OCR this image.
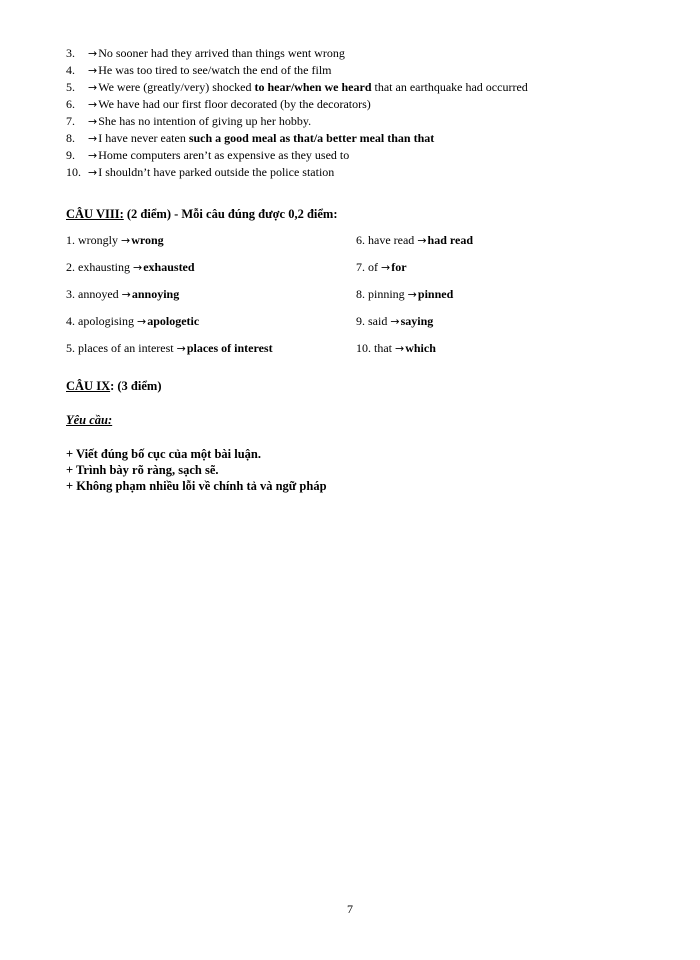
3.	→No sooner had they arrived than things went wrong
4.	→He was too tired to see/watch the end of the film
5.	→We were (greatly/very) shocked to hear/when we heard that an earthquake had occurred
6.	→We have had our first floor decorated (by the decorators)
7.	→She has no intention of giving up her hobby.
8.	→I have never eaten such a good meal as that/a better meal than that
9.	→Home computers aren’t as expensive as they used to
10. →I shouldn’t have parked outside the police station
CÂU VIII: (2 điểm) - Mỗi câu đúng được 0,2 điểm:
1. wrongly →wrong	6. have read →had read
2. exhausting →exhausted	7. of →for
3. annoyed →annoying	8. pinning →pinned
4. apologising →apologetic	9. said →saying
5. places of an interest →places of interest	10. that →which
CÂU IX: (3 điểm)
Yêu cầu:
+ Viết đúng bố cục của một bài luận.
+ Trình bày rõ ràng, sạch sẽ.
+ Không phạm nhiều lỗi về chính tả và ngữ pháp
7
